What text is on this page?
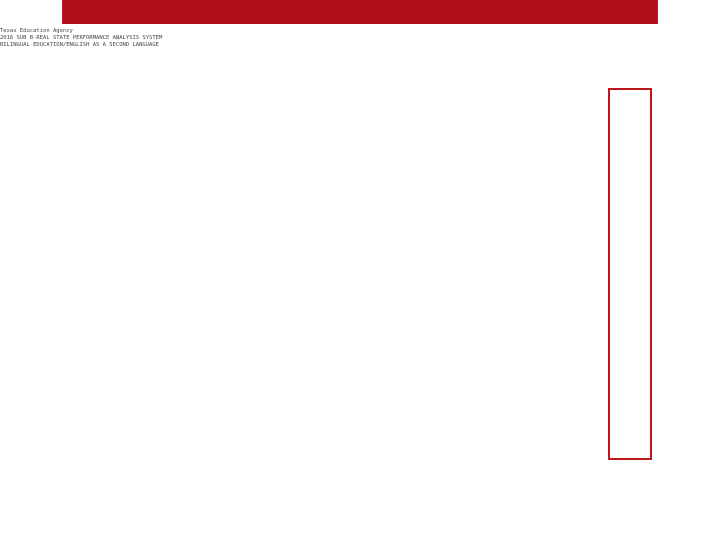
Texas Education Agency
2016 SUB B-REAL STATE PERFORMANCE ANALYSIS SYSTEM
BILINGUAL EDUCATION/ENGLISH AS A SECOND LANGUAGE
